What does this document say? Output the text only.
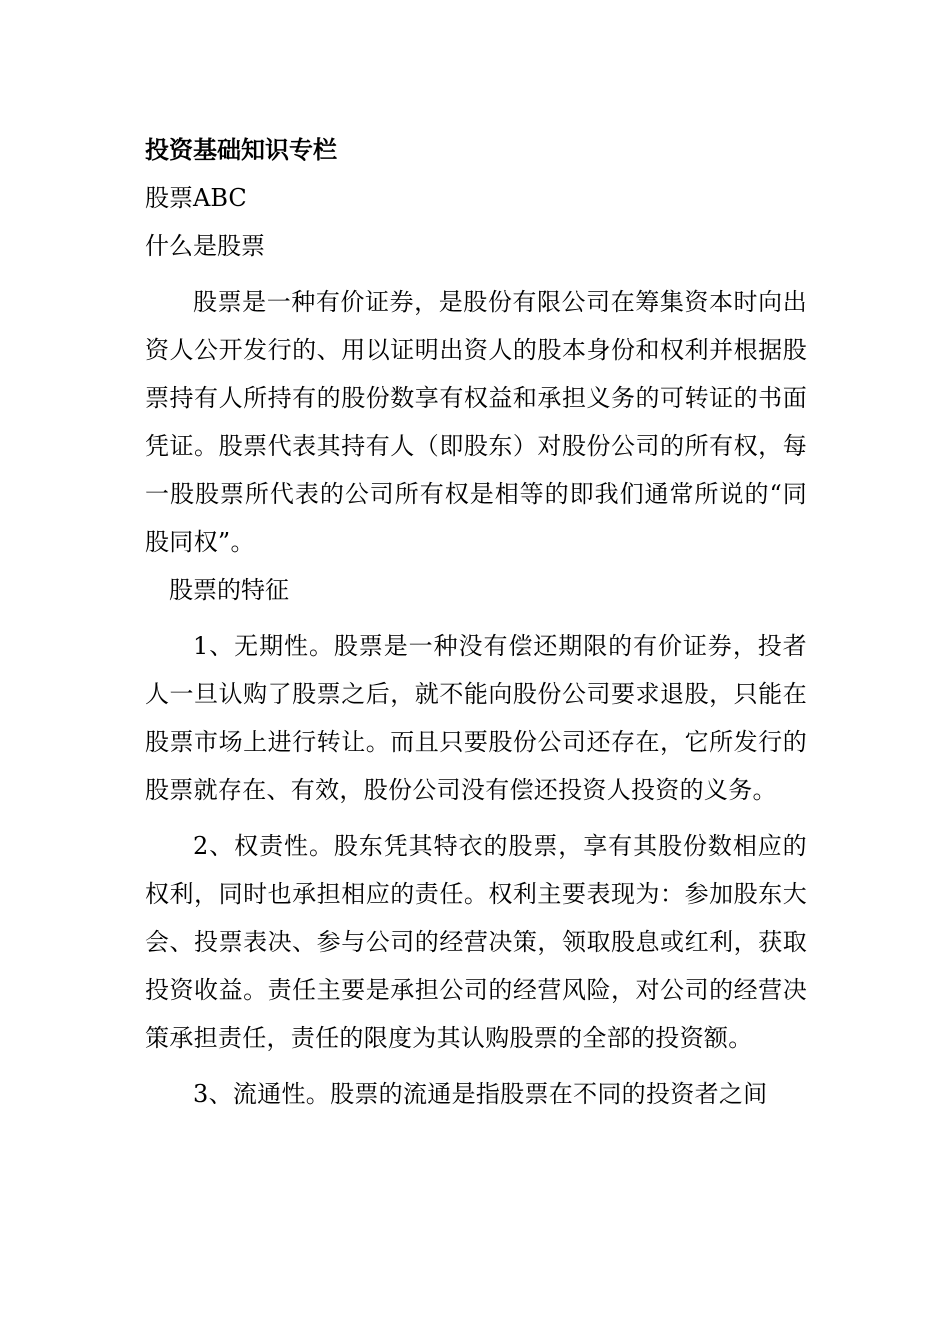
投资基础知识专栏
股票ABC
什么是股票

股票是一种有价证券，是股份有限公司在筹集资本时向出资人公开发行的、用以证明出资人的股本身份和权利并根据股票持有人所持有的股份数享有权益和承担义务的可转证的书面凭证。股票代表其持有人（即股东）对股份公司的所有权，每一股股票所代表的公司所有权是相等的即我们通常所说的“同股同权”。

股票的特征

1、无期性。股票是一种没有偿还期限的有价证券，投者人一旦认购了股票之后，就不能向股份公司要求退股，只能在股票市场上进行转让。而且只要股份公司还存在，它所发行的股票就存在、有效，股份公司没有偿还投资人投资的义务。

2、权责性。股东凭其特衣的股票，享有其股份数相应的权利，同时也承担相应的责任。权利主要表现为：参加股东大会、投票表决、参与公司的经营决策，领取股息或红利，获取投资收益。责任主要是承担公司的经营风险，对公司的经营决策承担责任，责任的限度为其认购股票的全部的投资额。

3、流通性。股票的流通是指股票在不同的投资者之间
